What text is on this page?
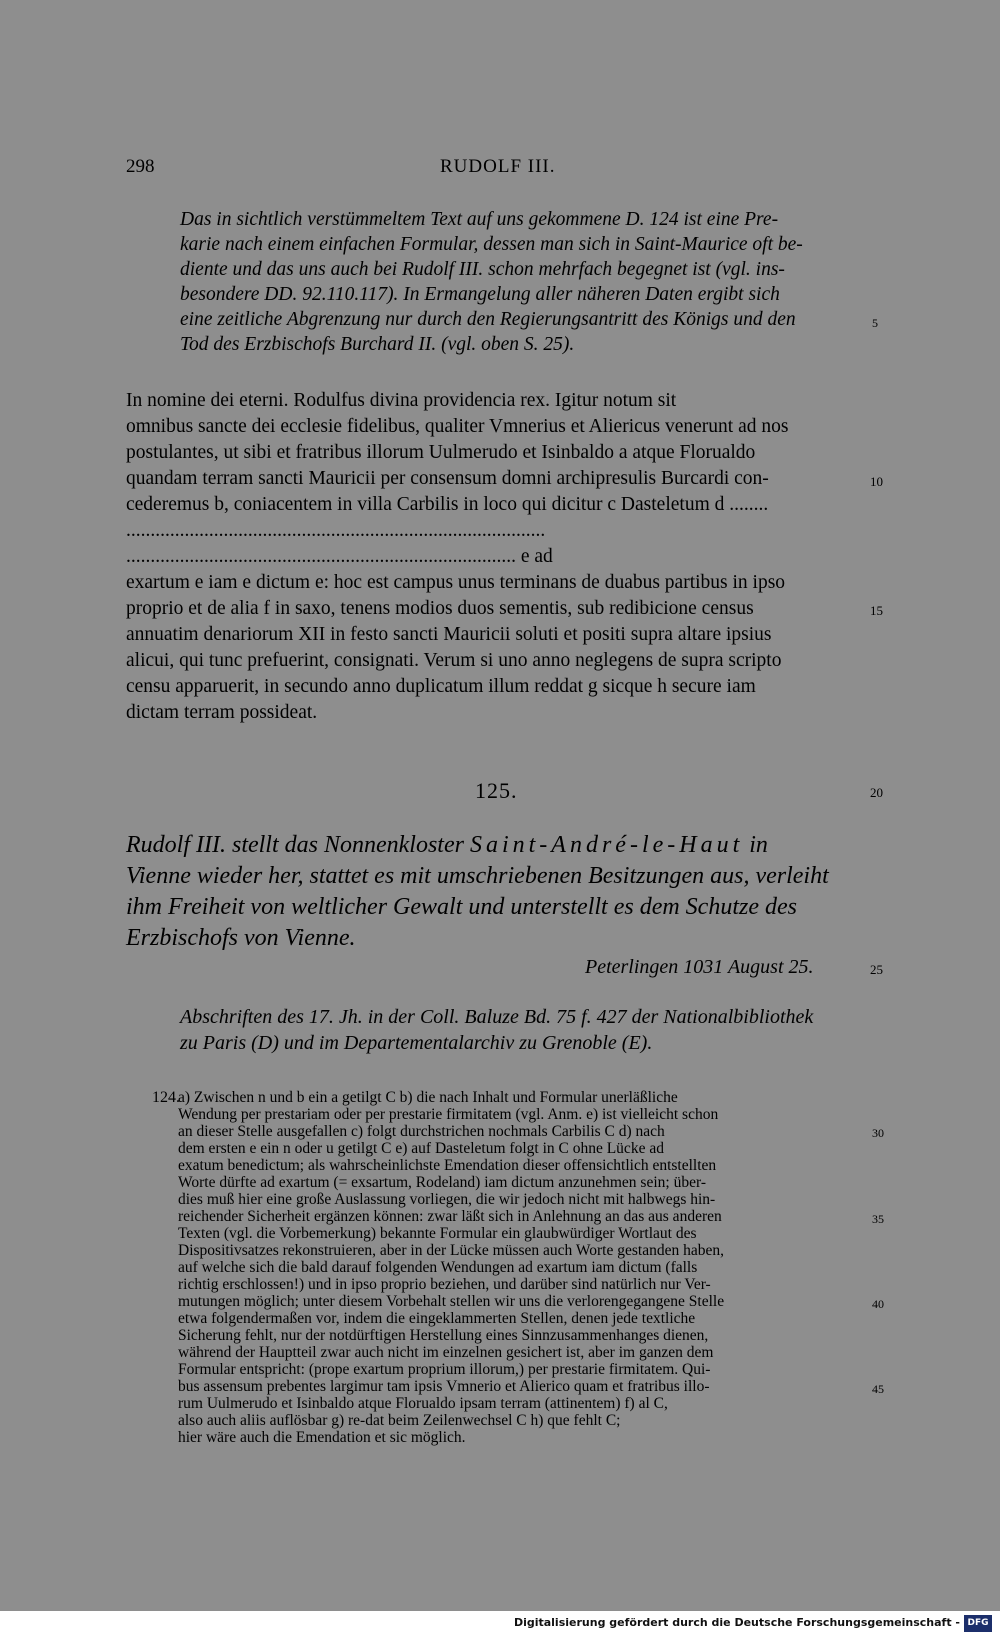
298	RUDOLF III.
Das in sichtlich verstümmeltem Text auf uns gekommene D. 124 ist eine Pre-
karie nach einem einfachen Formular, dessen man sich in Saint-Maurice oft be-
diente und das uns auch bei Rudolf III. schon mehrfach begegnet ist (vgl. ins-
besondere DD. 92.110.117). In Ermangelung aller näheren Daten ergibt sich
eine zeitliche Abgrenzung nur durch den Regierungsantritt des Königs und den
Tod des Erzbischofs Burchard II. (vgl. oben S. 25).
5
In nomine dei eterni. Rodulfus divina providencia rex. Igitur notum sit
omnibus sancte dei ecclesie fidelibus, qualiter Vmnerius et Aliericus venerunt ad nos
postulantes, ut sibi et fratribus illorum Uulmerudo et Isinbaldo a atque Florualdo
quandam terram sancti Mauricii per consensum domni archipresulis Burcardi con-
cederemus b, coniacentem in villa Carbilis in loco qui dicitur c Dasteletum d ........
......................................................................................
................................................................................ e ad
exartum e iam e dictum e: hoc est campus unus terminans de duabus partibus in ipso
proprio et de alia f in saxo, tenens modios duos sementis, sub redibicione census
annuatim denariorum XII in festo sancti Mauricii soluti et positi supra altare ipsius
alicui, qui tunc prefuerint, consignati. Verum si uno anno neglegens de supra scripto
censu apparuerit, in secundo anno duplicatum illum reddat g sicque h secure iam
dictam terram possideat.
10
15
125.	20
Rudolf III. stellt das Nonnenkloster Saint-André-le-Haut in
Vienne wieder her, stattet es mit umschriebenen Besitzungen aus, verleiht
ihm Freiheit von weltlicher Gewalt und unterstellt es dem Schutze des
Erzbischofs von Vienne.
Peterlingen 1031 August 25.	25
Abschriften des 17. Jh. in der Coll. Baluze Bd. 75 f. 427 der Nationalbibliothek
zu Paris (D) und im Departementalarchiv zu Grenoble (E).
124.
a) Zwischen n und b ein a getilgt C b) die nach Inhalt und Formular unerläßliche
Wendung per prestariam oder per prestarie firmitatem (vgl. Anm. e) ist vielleicht schon
an dieser Stelle ausgefallen c) folgt durchstrichen nochmals Carbilis C d) nach
dem ersten e ein n oder u getilgt C e) auf Dasteletum folgt in C ohne Lücke ad
exatum benedictum; als wahrscheinlichste Emendation dieser offensichtlich entstellten
Worte dürfte ad exartum (= exsartum, Rodeland) iam dictum anzunehmen sein; über-
dies muß hier eine große Auslassung vorliegen, die wir jedoch nicht mit halbwegs hin-
reichender Sicherheit ergänzen können: zwar läßt sich in Anlehnung an das aus anderen
Texten (vgl. die Vorbemerkung) bekannte Formular ein glaubwürdiger Wortlaut des
Dispositivsatzes rekonstruieren, aber in der Lücke müssen auch Worte gestanden haben,
auf welche sich die bald darauf folgenden Wendungen ad exartum iam dictum (falls
richtig erschlossen!) und in ipso proprio beziehen, und darüber sind natürlich nur Ver-
mutungen möglich; unter diesem Vorbehalt stellen wir uns die verlorengegangene Stelle
etwa folgendermaßen vor, indem die eingeklammerten Stellen, denen jede textliche
Sicherung fehlt, nur der notdürftigen Herstellung eines Sinnzusammenhanges dienen,
während der Hauptteil zwar auch nicht im einzelnen gesichert ist, aber im ganzen dem
Formular entspricht: (prope exartum proprium illorum,) per prestarie firmitatem. Qui-
bus assensum prebentes largimur tam ipsis Vmnerio et Alierico quam et fratribus illo-
rum Uulmerudo et Isinbaldo atque Florualdo ipsam terram (attinentem) f) al C,
also auch aliis auflösbar g) re-dat beim Zeilenwechsel C h) que fehlt C;
hier wäre auch die Emendation et sic möglich.
30
35
40
45
Digitalisierung gefördert durch die Deutsche Forschungsgemeinschaft - DFG
